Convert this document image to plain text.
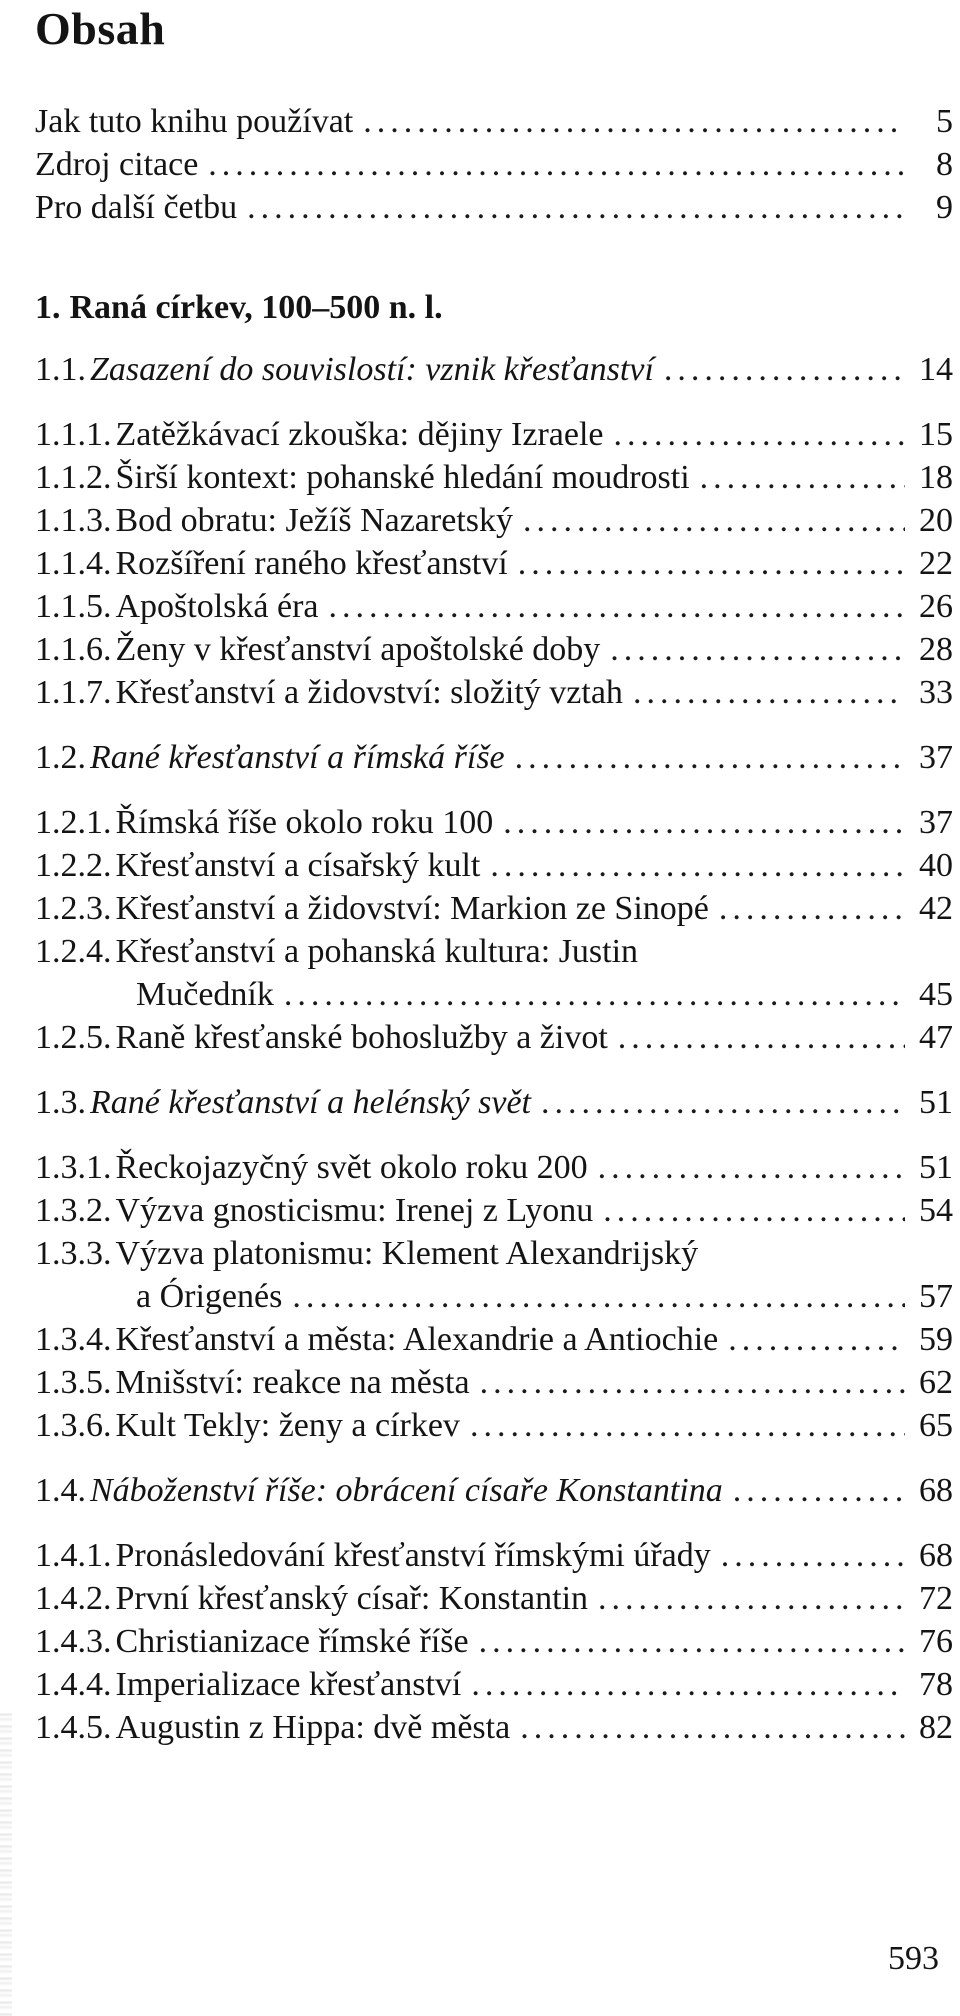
Obsah
Jak tuto knihu používat .....	5
Zdroj citace .....	8
Pro další četbu .....	9
1. Raná církev, 100–500 n. l.
1.1. Zasazení do souvislostí: vznik křesťanství .....	14
1.1.1. Zatěžkávací zkouška: dějiny Izraele .....	15
1.1.2. Širší kontext: pohanské hledání moudrosti .....	18
1.1.3. Bod obratu: Ježíš Nazaretský .....	20
1.1.4. Rozšíření raného křesťanství .....	22
1.1.5. Apoštolská éra .....	26
1.1.6. Ženy v křesťanství apoštolské doby .....	28
1.1.7. Křesťanství a židovství: složitý vztah .....	33
1.2. Rané křesťanství a římská říše .....	37
1.2.1. Římská říše okolo roku 100 .....	37
1.2.2. Křesťanství a císařský kult .....	40
1.2.3. Křesťanství a židovství: Markion ze Sinopé .....	42
1.2.4. Křesťanství a pohanská kultura: Justin
Mučedník .....	45
1.2.5. Raně křesťanské bohoslužby a život .....	47
1.3. Rané křesťanství a helénský svět .....	51
1.3.1. Řeckojazyčný svět okolo roku 200 .....	51
1.3.2. Výzva gnosticismu: Irenej z Lyonu .....	54
1.3.3. Výzva platonismu: Klement Alexandrijský
a Órigenés .....	57
1.3.4. Křesťanství a města: Alexandrie a Antiochie .....	59
1.3.5. Mnišství: reakce na města .....	62
1.3.6. Kult Tekly: ženy a církev .....	65
1.4. Náboženství říše: obrácení císaře Konstantina .....	68
1.4.1. Pronásledování křesťanství římskými úřady .....	68
1.4.2. První křesťanský císař: Konstantin .....	72
1.4.3. Christianizace římské říše .....	76
1.4.4. Imperializace křesťanství .....	78
1.4.5. Augustin z Hippa: dvě města .....	82
593
